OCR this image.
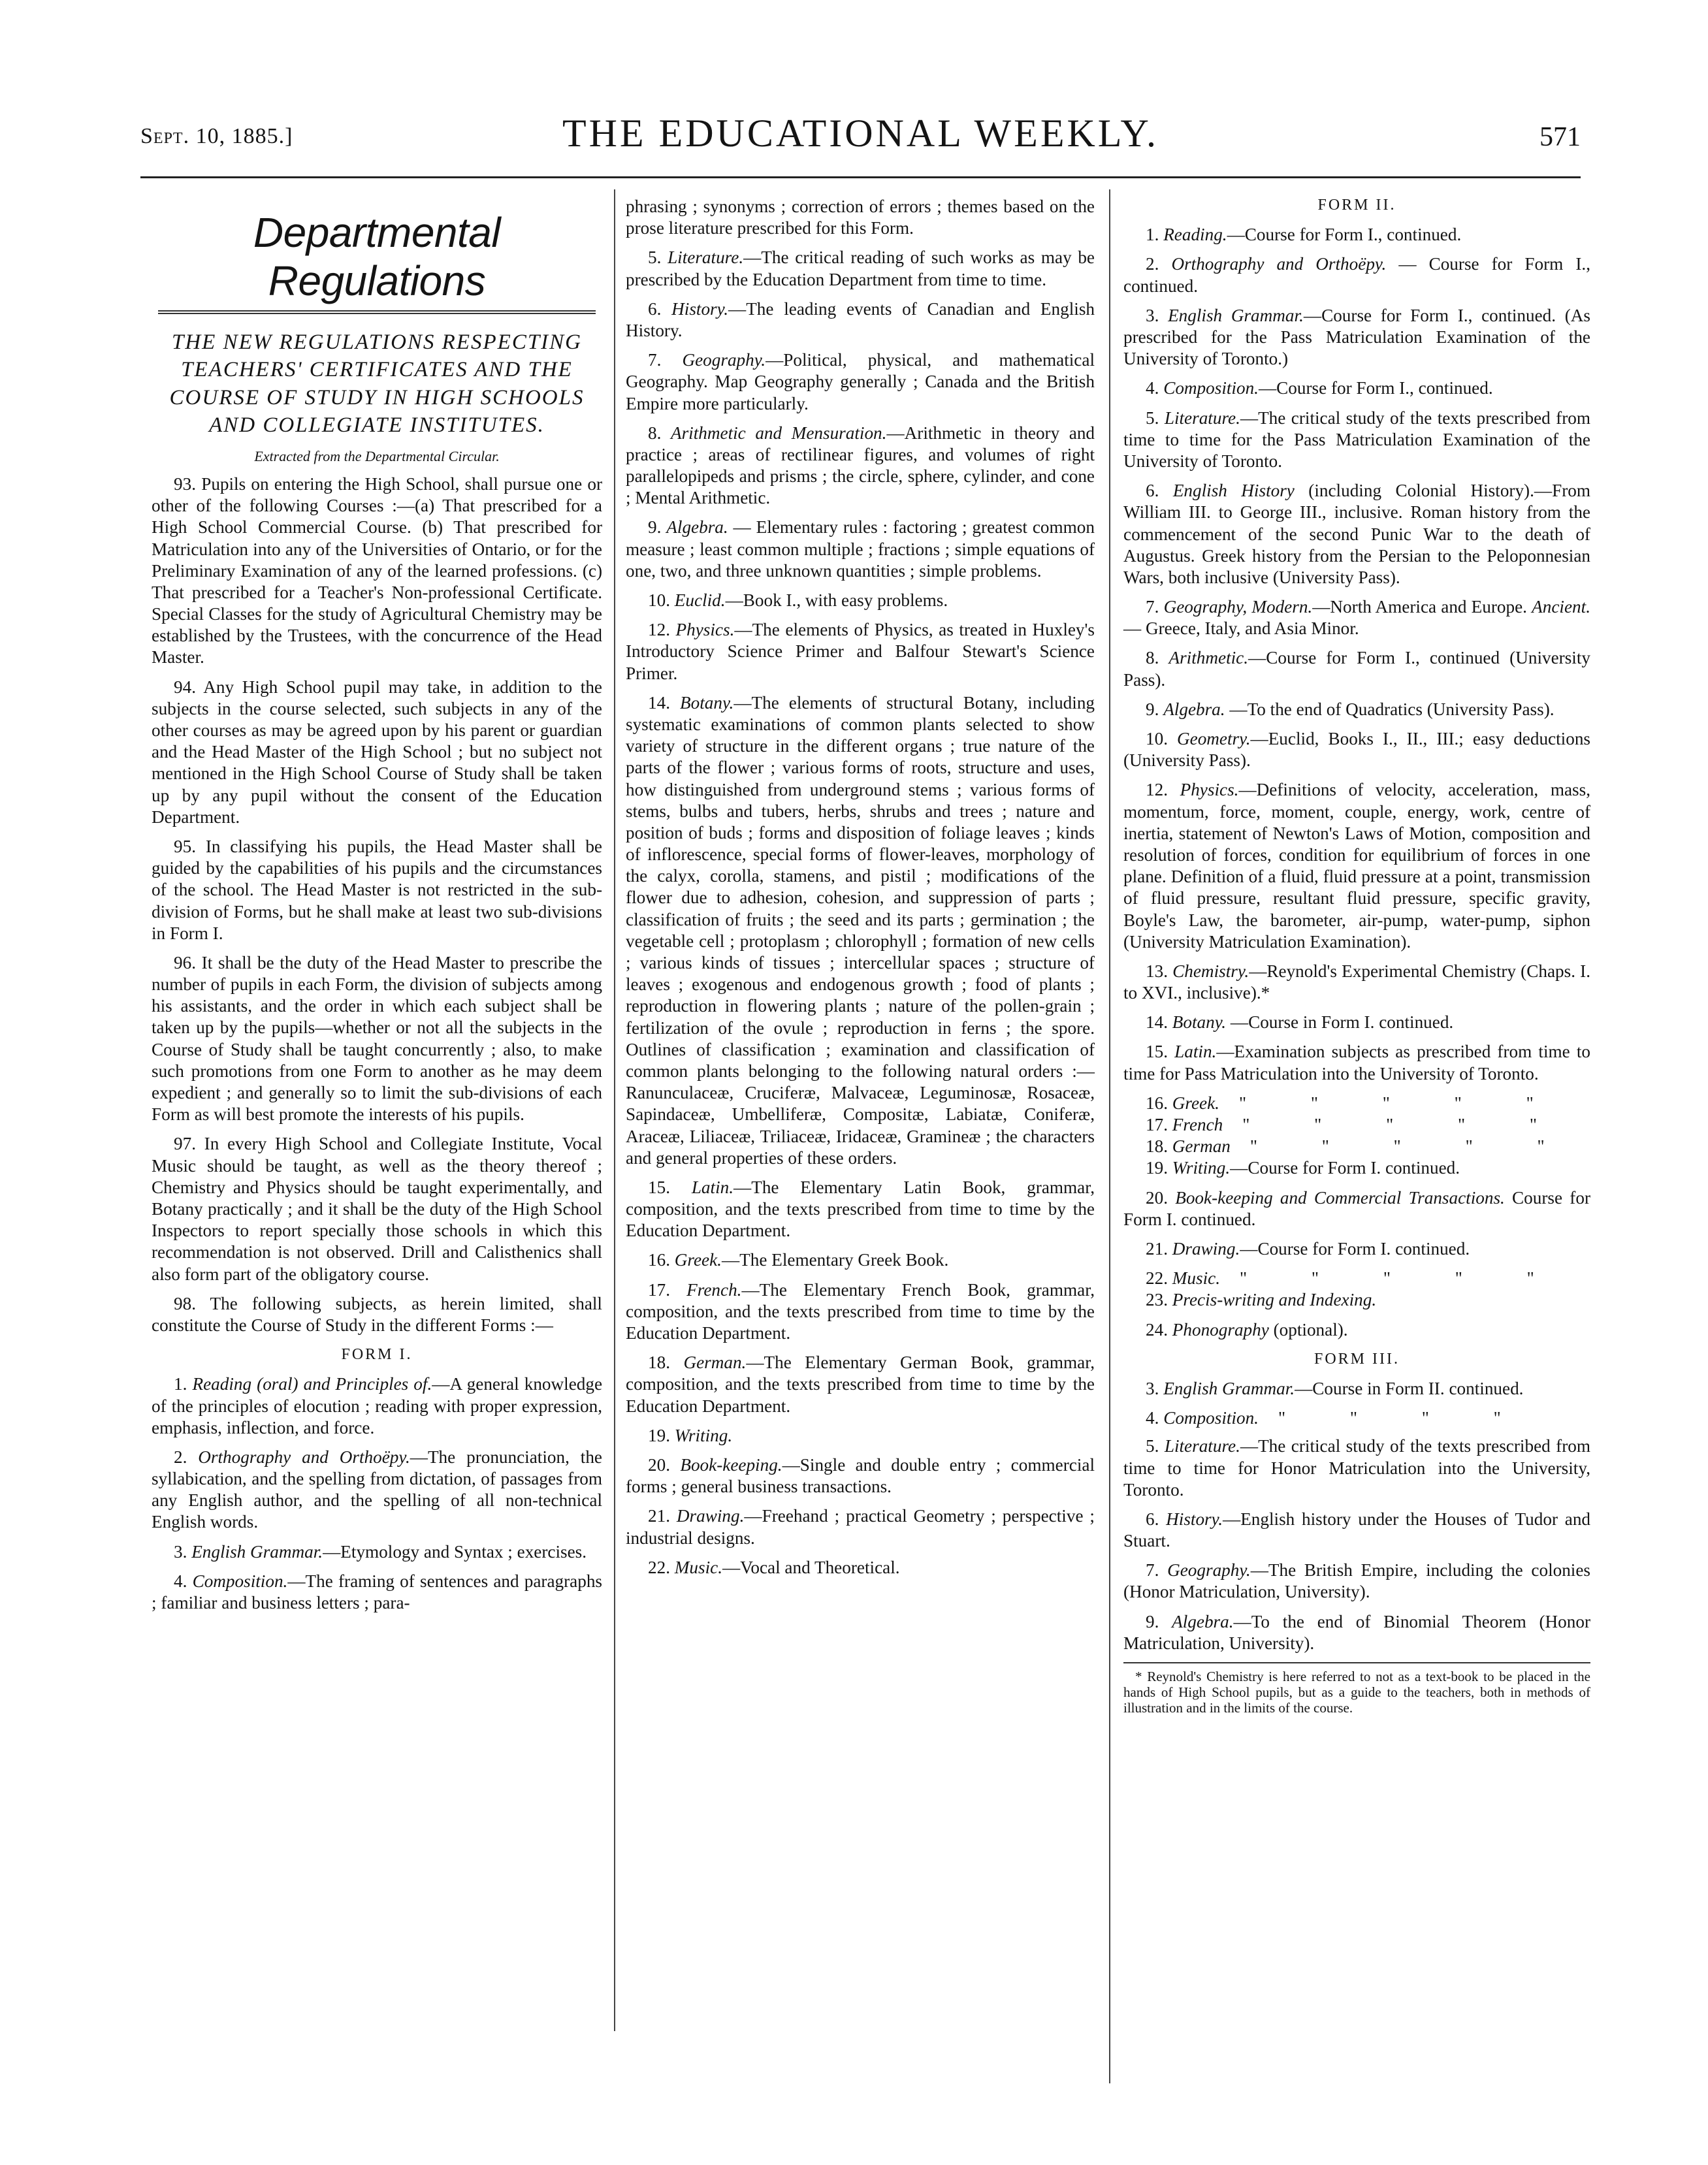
Sept. 10, 1885.]	THE EDUCATIONAL WEEKLY.	571
Departmental Regulations
THE NEW REGULATIONS RESPECTING TEACHERS' CERTIFICATES AND THE COURSE OF STUDY IN HIGH SCHOOLS AND COLLEGIATE INSTITUTES.
Extracted from the Departmental Circular.

93. Pupils on entering the High School, shall pursue one or other of the following Courses :—(a) That prescribed for a High School Commercial Course. (b) That prescribed for Matriculation into any of the Universities of Ontario, or for the Preliminary Examination of any of the learned professions. (c) That prescribed for a Teacher's Non-professional Certificate. Special Classes for the study of Agricultural Chemistry may be established by the Trustees, with the concurrence of the Head Master.

94. Any High School pupil may take, in addition to the subjects in the course selected, such subjects in any of the other courses as may be agreed upon by his parent or guardian and the Head Master of the High School ; but no subject not mentioned in the High School Course of Study shall be taken up by any pupil without the consent of the Education Department.

95. In classifying his pupils, the Head Master shall be guided by the capabilities of his pupils and the circumstances of the school. The Head Master is not restricted in the sub-division of Forms, but he shall make at least two sub-divisions in Form I.

96. It shall be the duty of the Head Master to prescribe the number of pupils in each Form, the division of subjects among his assistants, and the order in which each subject shall be taken up by the pupils—whether or not all the subjects in the Course of Study shall be taught concurrently ; also, to make such promotions from one Form to another as he may deem expedient ; and generally so to limit the sub-divisions of each Form as will best promote the interests of his pupils.

97. In every High School and Collegiate Institute, Vocal Music should be taught, as well as the theory thereof ; Chemistry and Physics should be taught experimentally, and Botany practically ; and it shall be the duty of the High School Inspectors to report specially those schools in which this recommendation is not observed. Drill and Calisthenics shall also form part of the obligatory course.

98. The following subjects, as herein limited, shall constitute the Course of Study in the different Forms :—

FORM I.

1. Reading (oral) and Principles of.—A general knowledge of the principles of elocution ; reading with proper expression, emphasis, inflection, and force.

2. Orthography and Orthoëpy.—The pronunciation, the syllabication, and the spelling from dictation, of passages from any English author, and the spelling of all non-technical English words.

3. English Grammar.—Etymology and Syntax ; exercises.

4. Composition.—The framing of sentences and paragraphs ; familiar and business letters ; para-

phrasing ; synonyms ; correction of errors ; themes based on the prose literature prescribed for this Form.

5. Literature.—The critical reading of such works as may be prescribed by the Education Department from time to time.

6. History.—The leading events of Canadian and English History.

7. Geography.—Political, physical, and mathematical Geography. Map Geography generally ; Canada and the British Empire more particularly.

8. Arithmetic and Mensuration.—Arithmetic in theory and practice ; areas of rectilinear figures, and volumes of right parallelopipeds and prisms ; the circle, sphere, cylinder, and cone ; Mental Arithmetic.

9. Algebra. — Elementary rules : factoring ; greatest common measure ; least common multiple ; fractions ; simple equations of one, two, and three unknown quantities ; simple problems.

10. Euclid.—Book I., with easy problems.

12. Physics.—The elements of Physics, as treated in Huxley's Introductory Science Primer and Balfour Stewart's Science Primer.

14. Botany.—The elements of structural Botany, including systematic examinations of common plants selected to show variety of structure in the different organs ; true nature of the parts of the flower ; various forms of roots, structure and uses, how distinguished from underground stems ; various forms of stems, bulbs and tubers, herbs, shrubs and trees ; nature and position of buds ; forms and disposition of foliage leaves ; kinds of inflorescence, special forms of flower-leaves, morphology of the calyx, corolla, stamens, and pistil ; modifications of the flower due to adhesion, cohesion, and suppression of parts ; classification of fruits ; the seed and its parts ; germination ; the vegetable cell ; protoplasm ; chlorophyll ; formation of new cells ; various kinds of tissues ; intercellular spaces ; structure of leaves ; exogenous and endogenous growth ; food of plants ; reproduction in flowering plants ; nature of the pollen-grain ; fertilization of the ovule ; reproduction in ferns ; the spore. Outlines of classification ; examination and classification of common plants belonging to the following natural orders :—Ranunculaceæ, Cruciferæ, Malvaceæ, Leguminosæ, Rosaceæ, Sapindaceæ, Umbelliferæ, Compositæ, Labiatæ, Coniferæ, Araceæ, Liliaceæ, Triliaceæ, Iridaceæ, Gramineæ ; the characters and general properties of these orders.

15. Latin.—The Elementary Latin Book, grammar, composition, and the texts prescribed from time to time by the Education Department.

16. Greek.—The Elementary Greek Book.

17. French.—The Elementary French Book, grammar, composition, and the texts prescribed from time to time by the Education Department.

18. German.—The Elementary German Book, grammar, composition, and the texts prescribed from time to time by the Education Department.

19. Writing.

20. Book-keeping.—Single and double entry ; commercial forms ; general business transactions.

21. Drawing.—Freehand ; practical Geometry ; perspective ; industrial designs.

22. Music.—Vocal and Theoretical.

FORM II.

1. Reading.—Course for Form I., continued.

2. Orthography and Orthoëpy. — Course for Form I., continued.

3. English Grammar.—Course for Form I., continued. (As prescribed for the Pass Matriculation Examination of the University of Toronto.)

4. Composition.—Course for Form I., continued.

5. Literature.—The critical study of the texts prescribed from time to time for the Pass Matriculation Examination of the University of Toronto.

6. English History (including Colonial History).—From William III. to George III., inclusive. Roman history from the commencement of the second Punic War to the death of Augustus. Greek history from the Persian to the Peloponnesian Wars, both inclusive (University Pass).

7. Geography, Modern.—North America and Europe. Ancient. — Greece, Italy, and Asia Minor.

8. Arithmetic.—Course for Form I., continued (University Pass).

9. Algebra. —To the end of Quadratics (University Pass).

10. Geometry.—Euclid, Books I., II., III.; easy deductions (University Pass).

12. Physics.—Definitions of velocity, acceleration, mass, momentum, force, moment, couple, energy, work, centre of inertia, statement of Newton's Laws of Motion, composition and resolution of forces, condition for equilibrium of forces in one plane. Definition of a fluid, fluid pressure at a point, transmission of fluid pressure, resultant fluid pressure, specific gravity, Boyle's Law, the barometer, air-pump, water-pump, siphon (University Matriculation Examination).

13. Chemistry.—Reynold's Experimental Chemistry (Chaps. I. to XVI., inclusive).*

14. Botany. —Course in Form I. continued.

15. Latin.—Examination subjects as prescribed from time to time for Pass Matriculation into the University of Toronto.

16. Greek. " " " " "
17. French " " " " "
18. German " " " " "

19. Writing.—Course for Form I. continued.

20. Book-keeping and Commercial Transactions. Course for Form I. continued.

21. Drawing.—Course for Form I. continued.

22. Music. " " " " "

23. Precis-writing and Indexing.

24. Phonography (optional).

FORM III.

3. English Grammar.—Course in Form II. continued.

4. Composition. " " " "

5. Literature.—The critical study of the texts prescribed from time to time for Honor Matriculation into the University, Toronto.

6. History.—English history under the Houses of Tudor and Stuart.

7. Geography.—The British Empire, including the colonies (Honor Matriculation, University).

9. Algebra.—To the end of Binomial Theorem (Honor Matriculation, University).

* Reynold's Chemistry is here referred to not as a text-book to be placed in the hands of High School pupils, but as a guide to the teachers, both in methods of illustration and in the limits of the course.
